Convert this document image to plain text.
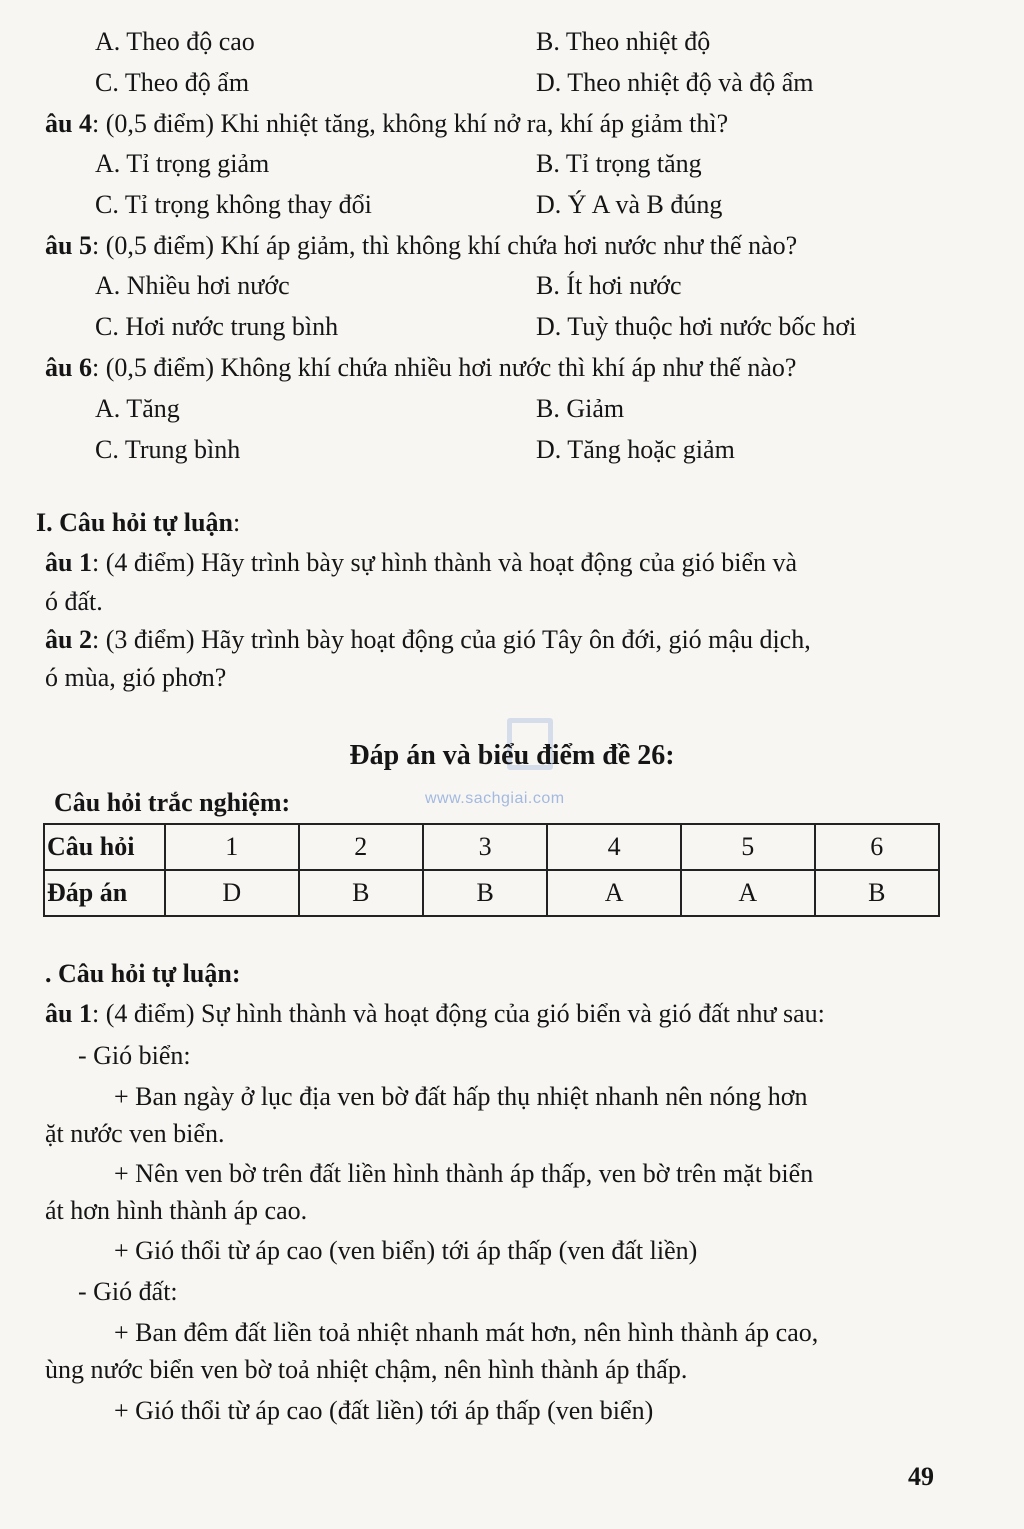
A. Theo độ cao	B. Theo nhiệt độ
C. Theo độ ẩm	D. Theo nhiệt độ và độ ẩm
âu 4: (0,5 điểm) Khi nhiệt tăng, không khí nở ra, khí áp giảm thì?
A. Tỉ trọng giảm	B. Tỉ trọng tăng
C. Tỉ trọng không thay đổi	D. Ý A và B đúng
âu 5: (0,5 điểm) Khí áp giảm, thì không khí chứa hơi nước như thế nào?
A. Nhiều hơi nước	B. Ít hơi nước
C. Hơi nước trung bình	D. Tuỳ thuộc hơi nước bốc hơi
âu 6: (0,5 điểm) Không khí chứa nhiều hơi nước thì khí áp như thế nào?
A. Tăng	B. Giảm
C. Trung bình	D. Tăng hoặc giảm
I. Câu hỏi tự luận:
âu 1: (4 điểm) Hãy trình bày sự hình thành và hoạt động của gió biển và
ó đất.
âu 2: (3 điểm) Hãy trình bày hoạt động của gió Tây ôn đới, gió mậu dịch,
ó mùa, gió phơn?
www.sachgiai.com
Đáp án và biểu điểm đề 26:
Câu hỏi trắc nghiệm:
Câu hỏi	1	2	3	4	5	6
Đáp án	D	B	B	A	A	B
. Câu hỏi tự luận:
âu 1: (4 điểm) Sự hình thành và hoạt động của gió biển và gió đất như sau:
- Gió biển:
+ Ban ngày ở lục địa ven bờ đất hấp thụ nhiệt nhanh nên nóng hơn
ặt nước ven biển.
+ Nên ven bờ trên đất liền hình thành áp thấp, ven bờ trên mặt biển
át hơn hình thành áp cao.
+ Gió thổi từ áp cao (ven biển) tới áp thấp (ven đất liền)
- Gió đất:
+ Ban đêm đất liền toả nhiệt nhanh mát hơn, nên hình thành áp cao,
ùng nước biển ven bờ toả nhiệt chậm, nên hình thành áp thấp.
+ Gió thổi từ áp cao (đất liền) tới áp thấp (ven biển)
49
